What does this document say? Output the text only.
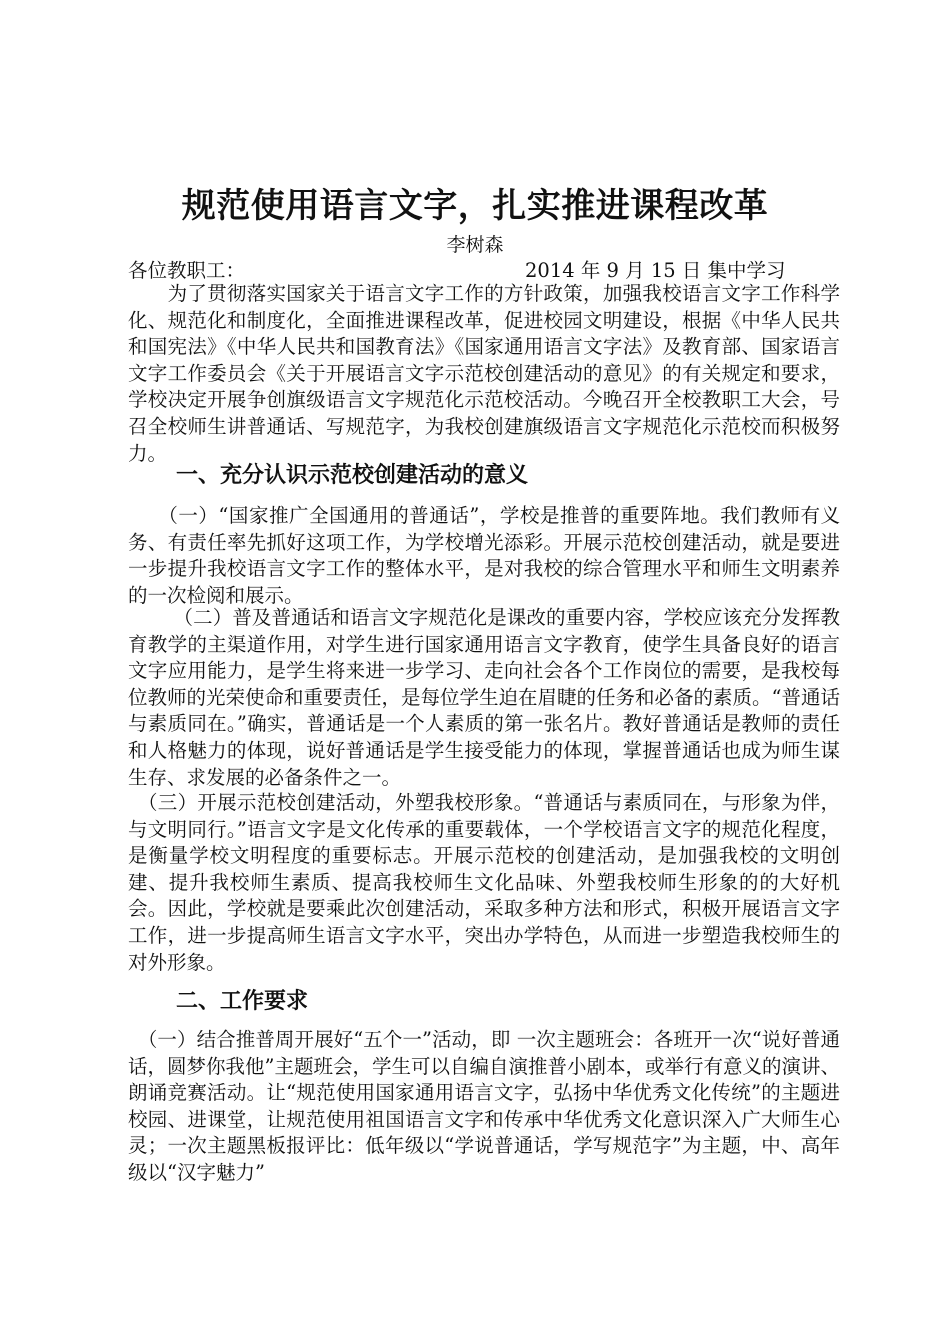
规范使用语言文字，扎实推进课程改革
李树森
各位教职工：	2014 年 9 月 15 日 集中学习
　　为了贯彻落实国家关于语言文字工作的方针政策，加强我校语言文字工作科学化、规范化和制度化，全面推进课程改革，促进校园文明建设，根据《中华人民共和国宪法》《中华人民共和国教育法》《国家通用语言文字法》及教育部、国家语言文字工作委员会《关于开展语言文字示范校创建活动的意见》的有关规定和要求，学校决定开展争创旗级语言文字规范化示范校活动。今晚召开全校教职工大会，号召全校师生讲普通话、写规范字，为我校创建旗级语言文字规范化示范校而积极努力。
一、充分认识示范校创建活动的意义
　　（一）“国家推广全国通用的普通话”，学校是推普的重要阵地。我们教师有义务、有责任率先抓好这项工作，为学校增光添彩。开展示范校创建活动，就是要进一步提升我校语言文字工作的整体水平，是对我校的综合管理水平和师生文明素养的一次检阅和展示。
　　 （二）普及普通话和语言文字规范化是课改的重要内容，学校应该充分发挥教育教学的主渠道作用，对学生进行国家通用语言文字教育，使学生具备良好的语言文字应用能力，是学生将来进一步学习、走向社会各个工作岗位的需要，是我校每位教师的光荣使命和重要责任，是每位学生迫在眉睫的任务和必备的素质。“普通话与素质同在。”确实，普通话是一个人素质的第一张名片。教好普通话是教师的责任和人格魅力的体现，说好普通话是学生接受能力的体现，掌握普通话也成为师生谋生存、求发展的必备条件之一。
　（三）开展示范校创建活动，外塑我校形象。“普通话与素质同在，与形象为伴，与文明同行。”语言文字是文化传承的重要载体，一个学校语言文字的规范化程度，是衡量学校文明程度的重要标志。开展示范校的创建活动，是加强我校的文明创建、提升我校师生素质、提高我校师生文化品味、外塑我校师生形象的的大好机会。因此，学校就是要乘此次创建活动，采取多种方法和形式，积极开展语言文字工作，进一步提高师生语言文字水平，突出办学特色，从而进一步塑造我校师生的对外形象。
二、工作要求
　（一）结合推普周开展好“五个一”活动，即 一次主题班会：各班开一次“说好普通话，圆梦你我他”主题班会，学生可以自编自演推普小剧本，或举行有意义的演讲、朗诵竞赛活动。让“规范使用国家通用语言文字，弘扬中华优秀文化传统”的主题进校园、进课堂，让规范使用祖国语言文字和传承中华优秀文化意识深入广大师生心灵；一次主题黑板报评比：低年级以“学说普通话，学写规范字”为主题，中、高年级以“汉字魅力”
